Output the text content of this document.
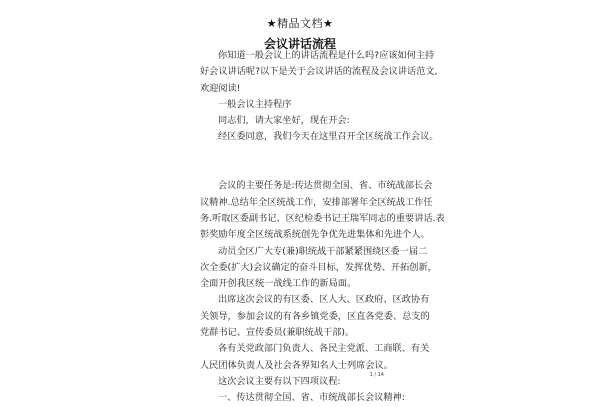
★精品文档★
会议讲话流程
你知道一般会议上的讲话流程是什么吗?应该如何主持
好会议讲话呢?以下是关于会议讲话的流程及会议讲话范文,
欢迎阅读!
一般会议主持程序
同志们，请大家坐好，现在开会:
经区委同意，我们今天在这里召开全区统战工作会议。
会议的主要任务是:传达贯彻全国、省、市统战部长会
议精神.总结年全区统战工作，安排部署年全区统战工作任
务.听取区委副书记、区纪检委书记王瑞军同志的重要讲话.表
彰奖励年度全区统战系统创先争优先进集体和先进个人。
动员全区广大专(兼)职统战干部紧紧围绕区委一届二
次全委(扩大)会议确定的奋斗目标，发挥优势、开拓创新，
全面开创我区统一战线工作的新局面。
出席这次会议的有区委、区人大、区政府、区政协有
关领导，参加会议的有各乡镇党委，区直各党委、总支的
党群书记、宣传委员(兼职统战干部)。
各有关党政部门负责人、各民主党派、工商联、有关
人民团体负责人及社会各界知名人士列席会议。
这次会议主要有以下四项议程:
一、传达贯彻全国、省、市统战部长会议精神:
1 / 14
